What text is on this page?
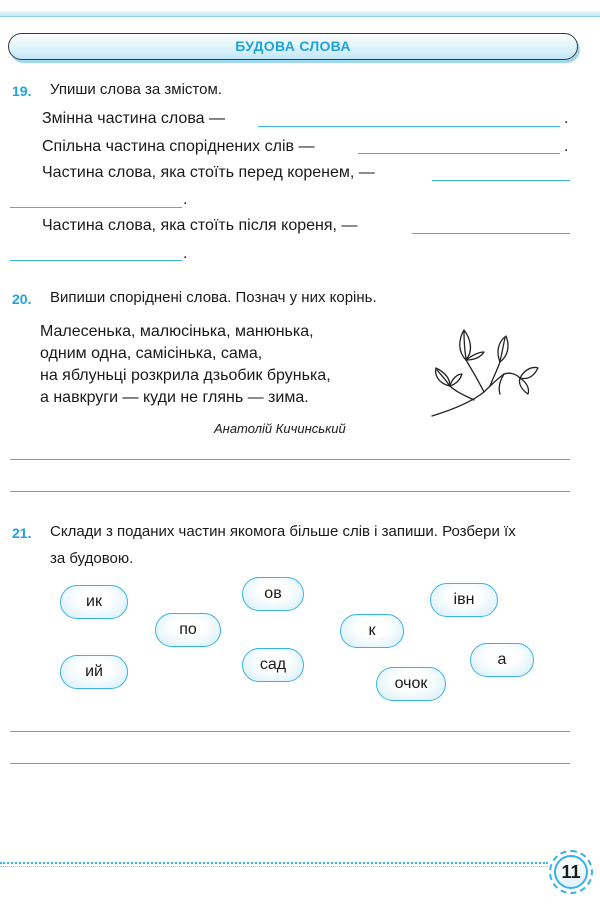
БУДОВА СЛОВА
19. Упиши слова за змістом.
Змінна частина слова —	.
Спільна частина споріднених слів —	.
Частина слова, яка стоїть перед коренем, —
.
Частина слова, яка стоїть після кореня, —
.
20. Випиши споріднені слова. Познач у них корінь.
Малесенька, малюсінька, манюнька,
одним одна, самісінька, сама,
на яблуньці розкрила дзьобик брунька,
а навкруги — куди не глянь — зима.
Анатолій Кичинський
21. Склади з поданих частин якомога більше слів і запиши. Розбери їх
за будовою.
ик	ов	івн
по	к
ий	сад	а
очок
11
